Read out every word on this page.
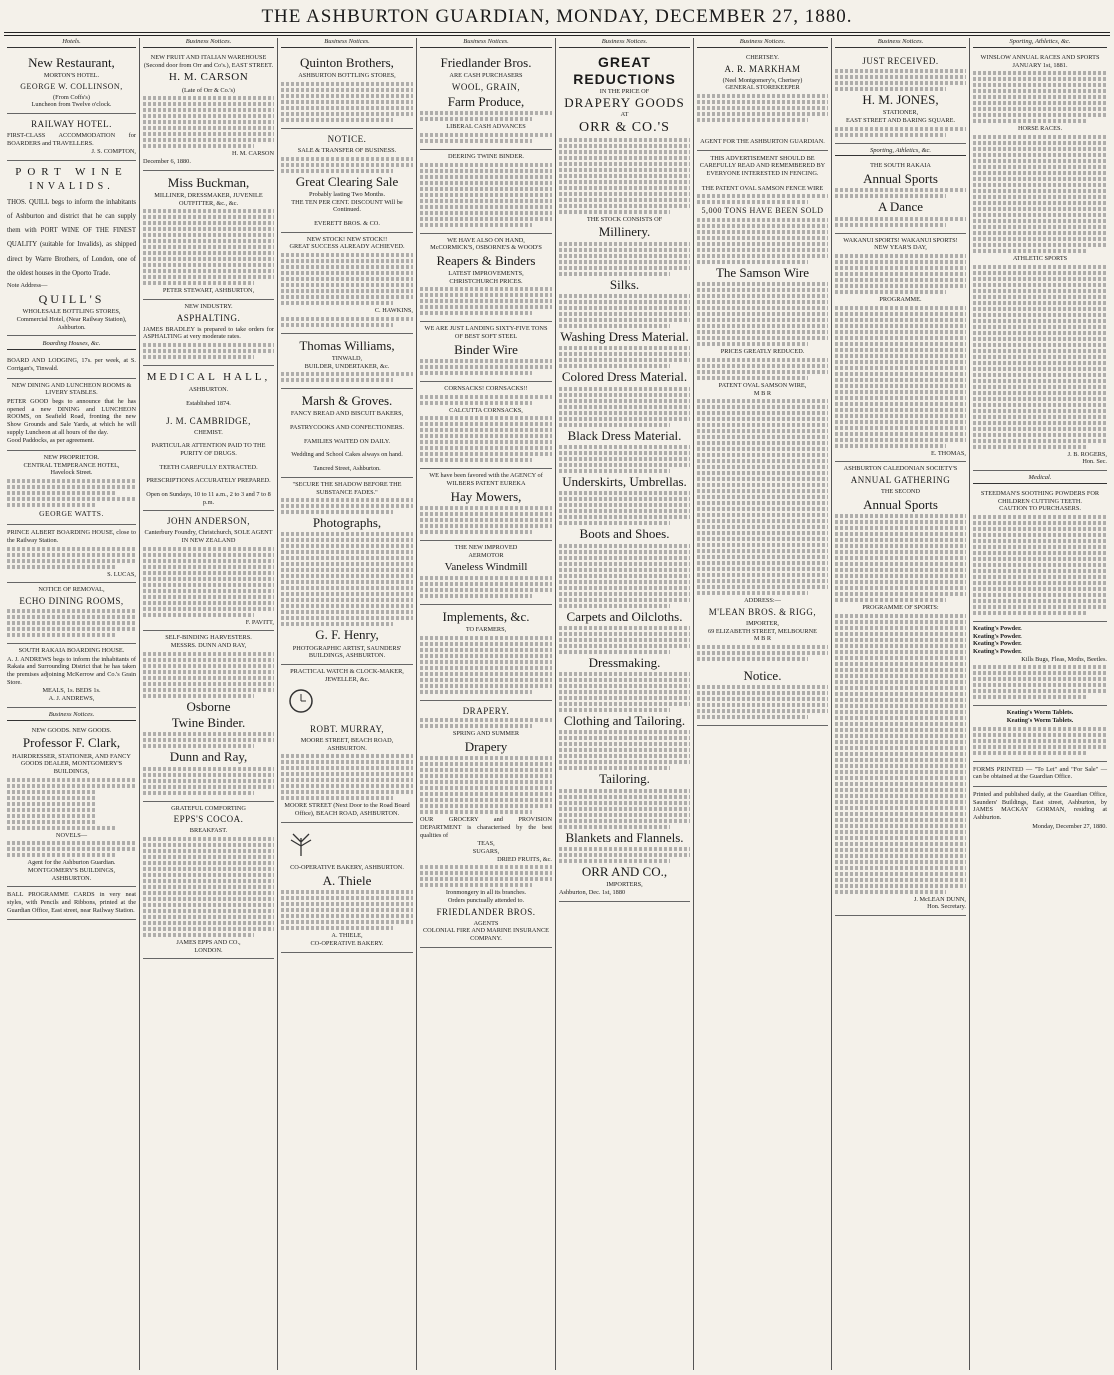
THE ASHBURTON GUARDIAN, MONDAY, DECEMBER 27, 1880.
Hotels.
New Restaurant,
MORTON'S HOTEL.
GEORGE W. COLLINSON,
(From Coffs's)
Luncheon from Twelve o'clock.
RAILWAY HOTEL.

FIRST-CLASS ACCOMMODATION for BOARDERS and TRAVELLERS.

J. S. COMPTON,
PORT WINE
INVALIDS.

THOS. QUILL begs to inform the inhabitants of Ashburton and district that he can supply them with PORT WINE OF THE FINEST QUALITY (suitable for Invalids), as shipped direct by Warre Brothers, of London, one of the oldest houses in the Oporto Trade.

Note Address—

QUILL'S
WHOLESALE BOTTLING STORES,
Commercial Hotel, (Near Railway Station),
Ashburton.
Boarding Houses, &c.

BOARD AND LODGING, 17s. per week, at S. Corrigan's, Tinwald.

NEW DINING AND LUNCHEON ROOMS & LIVERY STABLES.

PETER GOOD begs to announce that he has opened a new DINING and LUNCHEON ROOMS, on Seafield Road, fronting the new Show Grounds and Sale Yards, at which he will supply Luncheon at all hours of the day.

Good Paddocks, as per agreement.

NEW PROPRIETOR.
CENTRAL TEMPERANCE HOTEL,
Havelock Street.
GEORGE WATTS.

PRINCE ALBERT BOARDING HOUSE, close to the Railway Station.

S. LUCAS,
NOTICE OF REMOVAL,
ECHO DINING ROOMS,
SOUTH RAKAIA BOARDING HOUSE.

A. J. ANDREWS begs to inform the inhabitants of Rakaia and Surrounding District that he has taken the premises adjoining McKerrow and Co.'s Grain Store.

MEALS, 1s. BEDS 1s.
A. J. ANDREWS,
Business Notices.
NEW GOODS. NEW GOODS.
Professor F. Clark,
HAIRDRESSER, STATIONER, AND FANCY GOODS DEALER, MONTGOMERY'S BUILDINGS,
NOVELS—
Agent for the Ashburton Guardian.
MONTGOMERY'S BUILDINGS,
ASHBURTON.

BALL PROGRAMME CARDS in very neat styles, with Pencils and Ribbons, printed at the Guardian Office, East street, near Railway Station.

Business Notices.
NEW FRUIT AND ITALIAN WAREHOUSE
(Second door from Orr and Co's.), EAST STREET.
H. M. CARSON
(Late of Orr & Co.'s)
H. M. CARSON
December 6, 1880.
Miss Buckman,
MILLINER, DRESSMAKER, JUVENILE OUTFITTER, &c., &c.
PETER STEWART, ASHBURTON,
NEW INDUSTRY.
ASPHALTING.

JAMES BRADLEY is prepared to take orders for ASPHALTING at very moderate rates.

MEDICAL HALL,
ASHBURTON.
Established 1874.
J. M. CAMBRIDGE,
CHEMIST.
PARTICULAR ATTENTION PAID TO THE PURITY OF DRUGS.
TEETH CAREFULLY EXTRACTED.
PRESCRIPTIONS ACCURATELY PREPARED.
Open on Sundays, 10 to 11 a.m., 2 to 3 and 7 to 8 p.m.
JOHN ANDERSON,
Canterbury Foundry, Christchurch, SOLE AGENT IN NEW ZEALAND
F. PAVITT,
SELF-BINDING HARVESTERS.
MESSRS. DUNN AND RAY,
Osborne
Twine Binder.
Dunn and Ray,
GRATEFUL COMFORTING
EPPS'S COCOA.
BREAKFAST.
JAMES EPPS AND CO.,
LONDON.
Business Notices.
Quinton Brothers,
ASHBURTON BOTTLING STORES,
NOTICE.
SALE & TRANSFER OF BUSINESS.
Great Clearing Sale
Probably lasting Two Months.
THE TEN PER CENT. DISCOUNT Will be Continued.
EVERETT BROS. & CO.
NEW STOCK! NEW STOCK!!
GREAT SUCCESS ALREADY ACHIEVED.
C. HAWKINS,
Thomas Williams,
TINWALD,
BUILDER, UNDERTAKER, &c.
Marsh & Groves.
FANCY BREAD AND BISCUIT BAKERS,
PASTRYCOOKS AND CONFECTIONERS.
FAMILIES WAITED ON DAILY.
Wedding and School Cakes always on hand.
Tancred Street, Ashburton.
"SECURE THE SHADOW BEFORE THE SUBSTANCE FADES."
Photographs,
G. F. Henry,
PHOTOGRAPHIC ARTIST, SAUNDERS' BUILDINGS, ASHBURTON.
PRACTICAL WATCH & CLOCK-MAKER, JEWELLER, &c.
ROBT. MURRAY,
MOORE STREET, BEACH ROAD, ASHBURTON.
MOORE STREET (Next Door to the Road Board Office), BEACH ROAD, ASHBURTON.
CO-OPERATIVE BAKERY, ASHBURTON.
A. Thiele
A. THIELE,
CO-OPERATIVE BAKERY.
Business Notices.
Friedlander Bros.
ARE CASH PURCHASERS
WOOL, GRAIN,
Farm Produce,
LIBERAL CASH ADVANCES
DEERING TWINE BINDER.
WE HAVE ALSO ON HAND,
McCORMICK'S, OSBORNE'S & WOOD'S
Reapers & Binders
LATEST IMPROVEMENTS,
CHRISTCHURCH PRICES.
WE ARE JUST LANDING SIXTY-FIVE TONS
OF BEST SOFT STEEL
Binder Wire
CORNSACKS! CORNSACKS!!
CALCUTTA CORNSACKS,
WE have been favored with the AGENCY of
WILBERS PATENT EUREKA
Hay Mowers,
THE NEW IMPROVED
AERMOTOR
Vaneless Windmill
Implements, &c.
TO FARMERS,
DRAPERY.
SPRING AND SUMMER
Drapery

OUR GROCERY and PROVISION DEPARTMENT is characterised by the best qualities of

TEAS,
SUGARS,
DRIED FRUITS, &c.
Ironmongery in all its branches.
Orders punctually attended to.
FRIEDLANDER BROS.
AGENTS
COLONIAL FIRE AND MARINE INSURANCE COMPANY.
Business Notices.
GREAT REDUCTIONS
IN THE PRICE OF
DRAPERY GOODS
AT
ORR & CO.'S
THE STOCK CONSISTS OF
Millinery.
Silks.
Washing Dress Material.
Colored Dress Material.
Black Dress Material.
Underskirts, Umbrellas.
Boots and Shoes.
Carpets and Oilcloths.
Dressmaking.
Clothing and Tailoring.
Tailoring.
Blankets and Flannels.
ORR AND CO.,
IMPORTERS,
Ashburton, Dec. 1st, 1880
Business Notices.
CHERTSEY.
A. R. MARKHAM
(Neel Montgomery's, Chertsey)
GENERAL STOREKEEPER
AGENT FOR THE ASHBURTON GUARDIAN.

THIS ADVERTISEMENT SHOULD BE CAREFULLY READ AND REMEMBERED BY EVERYONE INTERESTED IN FENCING.

THE PATENT OVAL SAMSON FENCE WIRE
5,000 TONS HAVE BEEN SOLD
The Samson Wire
PRICES GREATLY REDUCED.
PATENT OVAL SAMSON WIRE,
M B R
ADDRESS:—
M'LEAN BROS. & RIGG,
IMPORTER,
69 ELIZABETH STREET, MELBOURNE
M B R
Notice.
Business Notices.
JUST RECEIVED.
H. M. JONES,
STATIONER,
EAST STREET AND BARING SQUARE.
Sporting, Athletics, &c.
THE SOUTH RAKAIA
Annual Sports
A Dance
WAKANUI SPORTS! WAKANUI SPORTS!
NEW YEAR'S DAY,
PROGRAMME.
E. THOMAS,
ASHBURTON CALEDONIAN SOCIETY'S
ANNUAL GATHERING
THE SECOND
Annual Sports
PROGRAMME OF SPORTS:
J. McLEAN DUNN,
Hon. Secretary.
Sporting, Athletics, &c.
WINSLOW ANNUAL RACES AND SPORTS
JANUARY 1st, 1881.
HORSE RACES.
ATHLETIC SPORTS
J. B. ROGERS,
Hon. Sec.
Medical.
STEEDMAN'S SOOTHING POWDERS FOR CHILDREN CUTTING TEETH.
CAUTION TO PURCHASERS.
Keating's Powder.
Keating's Powder.
Keating's Powder.
Keating's Powder.
Kills Bugs, Fleas, Moths, Beetles.
Keating's Worm Tablets.
Keating's Worm Tablets.

FORMS PRINTED — "To Let" and "For Sale" — can be obtained at the Guardian Office.

Printed and published daily, at the Guardian Office, Saunders' Buildings, East street, Ashburton, by JAMES MACKAY GORMAN, residing at Ashburton.

Monday, December 27, 1880.
